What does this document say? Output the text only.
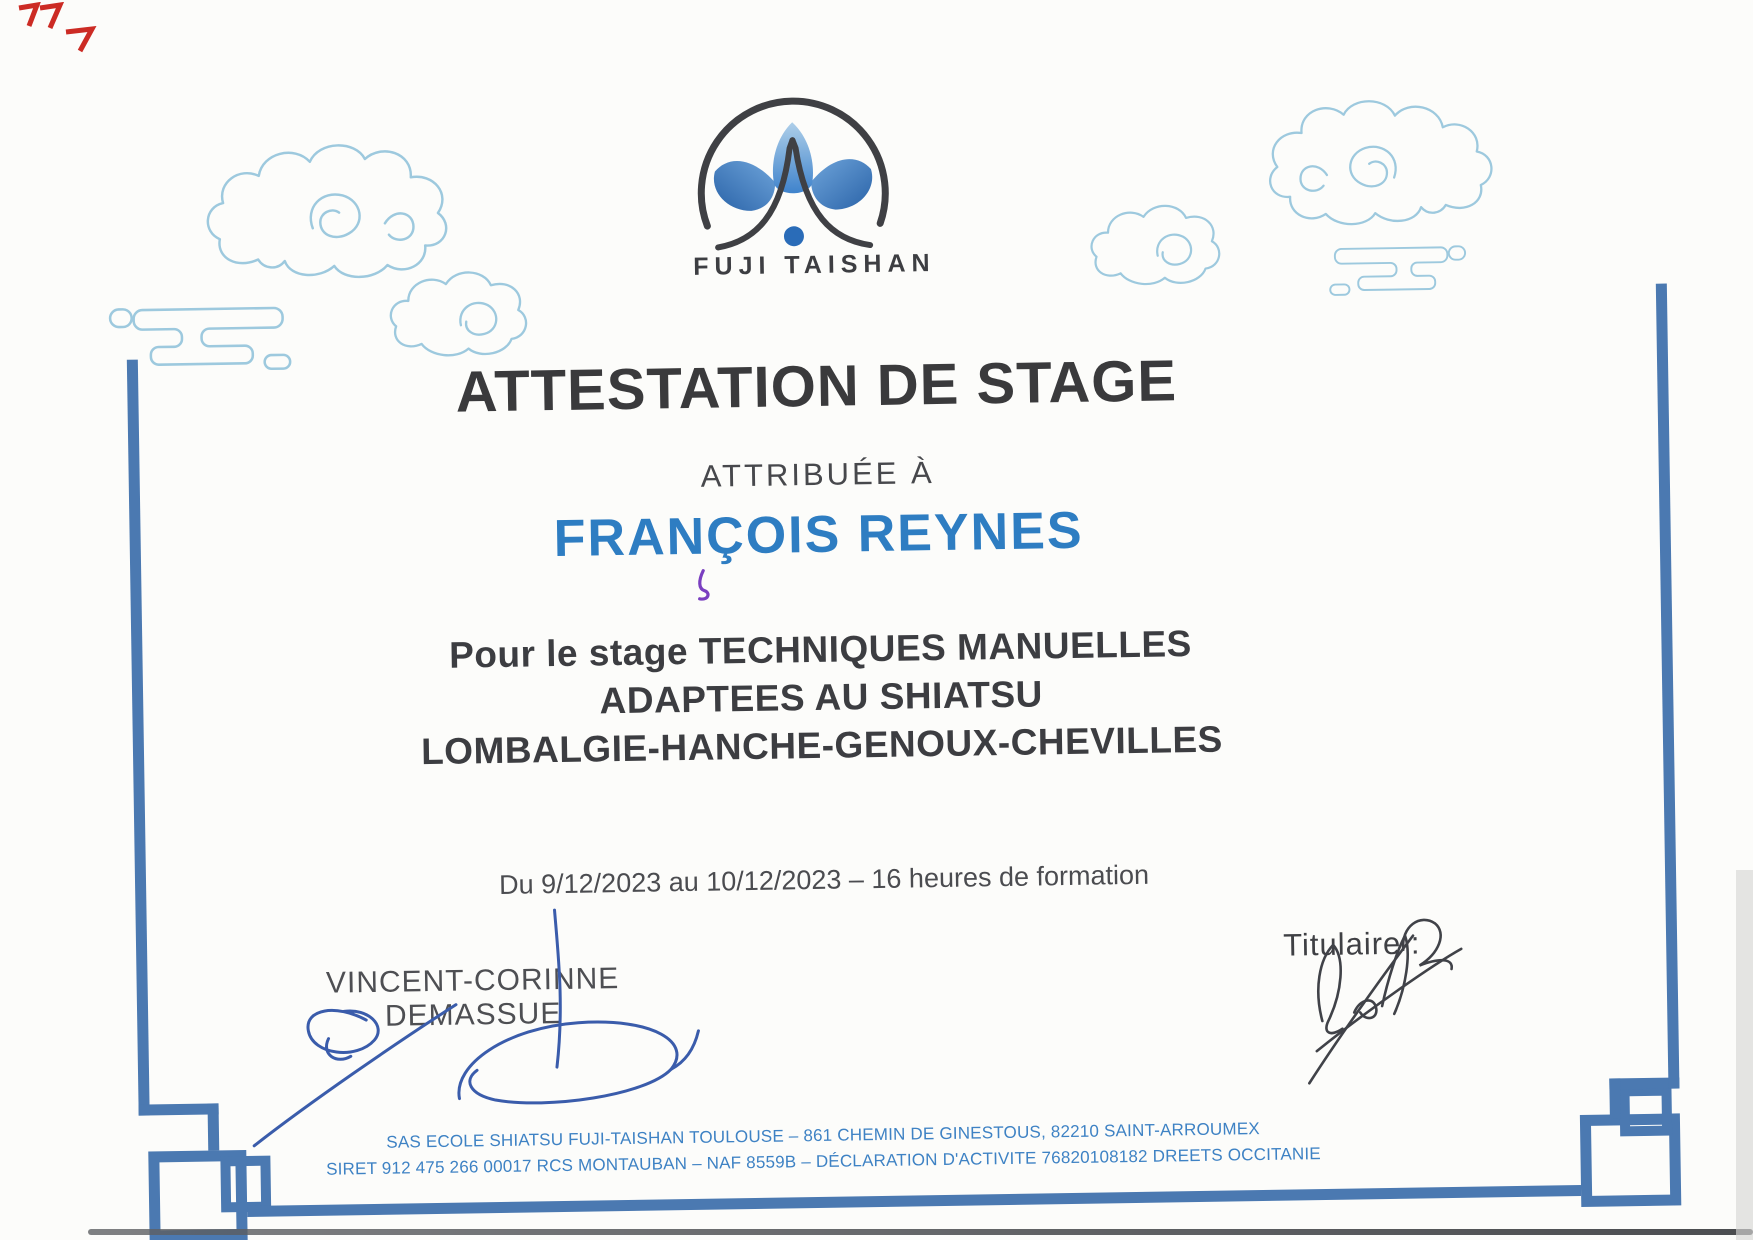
FUJI TAISHAN
ATTESTATION DE STAGE
ATTRIBUÉE À
FRANÇOIS REYNES
Pour le stage TECHNIQUES MANUELLES
ADAPTEES AU SHIATSU
LOMBALGIE-HANCHE-GENOUX-CHEVILLES
Du 9/12/2023 au 10/12/2023 – 16 heures de formation
VINCENT-CORINNE DEMASSUE
Titulaire :
SAS ECOLE SHIATSU FUJI-TAISHAN TOULOUSE – 861 CHEMIN DE GINESTOUS, 82210 SAINT-ARROUMEX
SIRET 912 475 266 00017 RCS MONTAUBAN – NAF 8559B – DÉCLARATION D'ACTIVITE 76820108182 DREETS OCCITANIE
